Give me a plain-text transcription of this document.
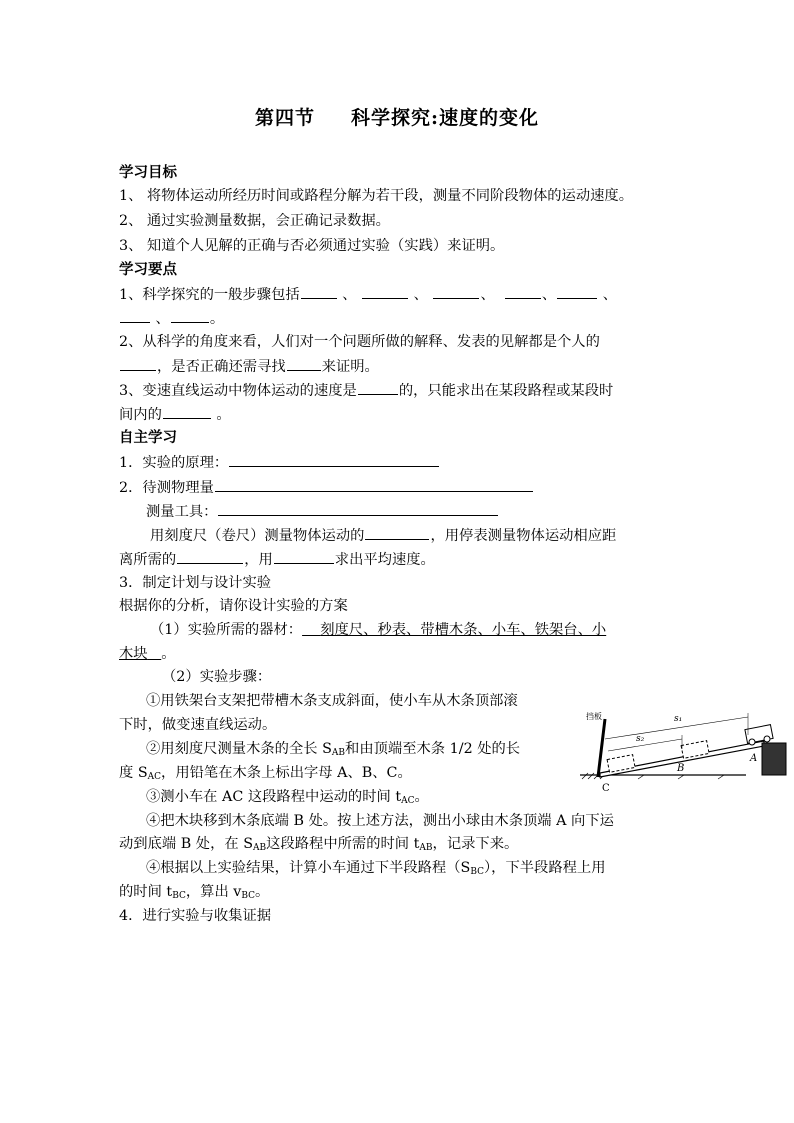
第四节 科学探究:速度的变化
学习目标
1、 将物体运动所经历时间或路程分解为若干段，测量不同阶段物体的运动速度。
2、 通过实验测量数据，会正确记录数据。
3、 知道个人见解的正确与否必须通过实验（实践）来证明。
学习要点
1、科学探究的一般步骤包括	、	、	、	、	、
、	。
2、从科学的角度来看，人们对一个问题所做的解释、发表的见解都是个人的
，是否正确还需寻找	来证明。
3、变速直线运动中物体运动的速度是	的，只能求出在某段路程或某段时
间内的	。
自主学习
1．实验的原理：
2．待测物理量
测量工具：
用刻度尺（卷尺）测量物体运动的	，用停表测量物体运动相应距
离所需的	，用	求出平均速度。
3．制定计划与设计实验
根据你的分析，请你设计实验的方案
（1）实验所需的器材： 刻度尺、秒表、带槽木条、小车、铁架台、小
木块 。
（2）实验步骤：
①用铁架台支架把带槽木条支成斜面，使小车从木条顶部滚
下时，做变速直线运动。
②用刻度尺测量木条的全长 $S_{AB}$和由顶端至木条 1/2 处的长
度 $S_{AC}$，用铅笔在木条上标出字母 A、B、C。
③测小车在 AC 这段路程中运动的时间 $t_{AC}$。
④把木块移到木条底端 B 处。按上述方法，测出小球由木条顶端 A 向下运
动到底端 B 处，在 $S_{AB}$这段路程中所需的时间 $t_{AB}$，记录下来。
④根据以上实验结果，计算小车通过下半段路程$(S_{BC})$，下半段路程上用
的时间 $t_{BC}$，算出 $v_{BC}$。
4．进行实验与收集证据
挡板	s₁
s₂
A
B
C
